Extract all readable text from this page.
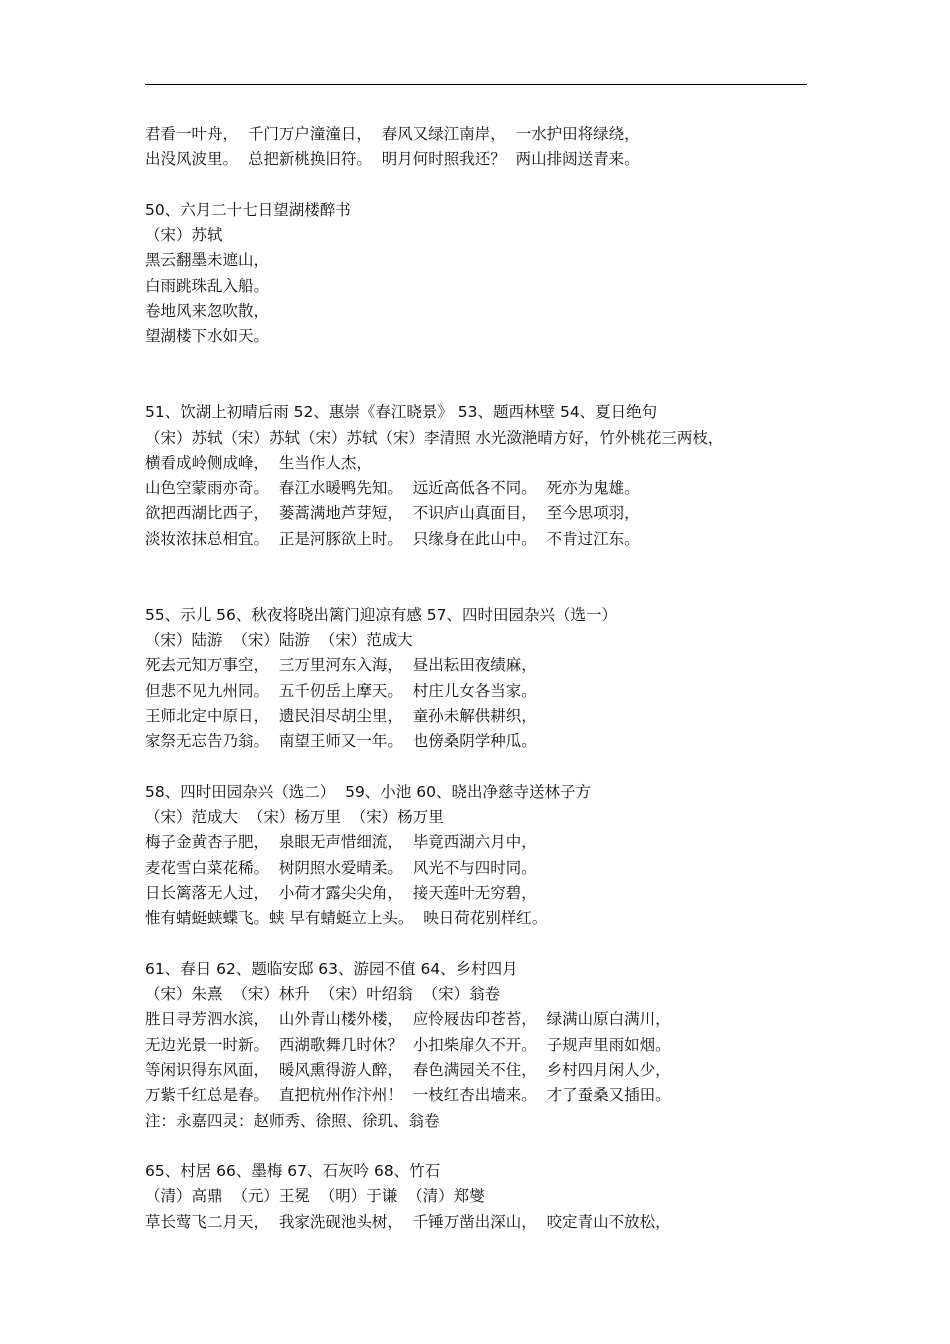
君看一叶舟，  千门万户潼潼日，  春风又绿江南岸，  一水护田将绿绕，
出没风波里。  总把新桃换旧符。  明月何时照我还？  两山排闼送青来。
50、六月二十七日望湖楼醉书
（宋）苏轼
黑云翻墨未遮山，
白雨跳珠乱入船。
卷地风来忽吹散，
望湖楼下水如天。
51、饮湖上初晴后雨 52、惠崇《春江晓景》 53、题西林壁 54、夏日绝句
（宋）苏轼（宋）苏轼（宋）苏轼（宋）李清照 水光潋滟晴方好，竹外桃花三两枝，
横看成岭侧成峰，  生当作人杰，
山色空蒙雨亦奇。  春江水暖鸭先知。  远近高低各不同。  死亦为鬼雄。
欲把西湖比西子，  蒌蒿满地芦芽短，  不识庐山真面目，  至今思项羽，
淡妆浓抹总相宜。  正是河豚欲上时。  只缘身在此山中。  不肯过江东。
55、示儿 56、秋夜将晓出篱门迎凉有感 57、四时田园杂兴（选一）
（宋）陆游  （宋）陆游  （宋）范成大
死去元知万事空，  三万里河东入海，  昼出耘田夜绩麻，
但悲不见九州同。  五千仞岳上摩天。  村庄儿女各当家。
王师北定中原日，  遗民泪尽胡尘里，  童孙未解供耕织，
家祭无忘告乃翁。  南望王师又一年。  也傍桑阴学种瓜。
58、四时田园杂兴（选二）  59、小池 60、晓出净慈寺送林子方
（宋）范成大  （宋）杨万里  （宋）杨万里
梅子金黄杏子肥，  泉眼无声惜细流，  毕竟西湖六月中，
麦花雪白菜花稀。  树阴照水爱晴柔。  风光不与四时同。
日长篱落无人过，  小荷才露尖尖角，  接天莲叶无穷碧，
惟有蜻蜓蛱蝶飞。蛱 早有蜻蜓立上头。  映日荷花别样红。
61、春日 62、题临安邸 63、游园不值 64、乡村四月
（宋）朱熹  （宋）林升  （宋）叶绍翁  （宋）翁卷
胜日寻芳泗水滨，  山外青山楼外楼，  应怜屐齿印苍苔，  绿满山原白满川，
无边光景一时新。  西湖歌舞几时休？  小扣柴扉久不开。  子规声里雨如烟。
等闲识得东风面，  暖风熏得游人醉，  春色满园关不住，  乡村四月闲人少，
万紫千红总是春。  直把杭州作汴州！  一枝红杏出墙来。  才了蚕桑又插田。
注：永嘉四灵：赵师秀、徐照、徐玑、翁卷
65、村居 66、墨梅 67、石灰吟 68、竹石
（清）高鼎  （元）王冕  （明）于谦  （清）郑燮
草长莺飞二月天，  我家洗砚池头树，  千锤万凿出深山，  咬定青山不放松，
